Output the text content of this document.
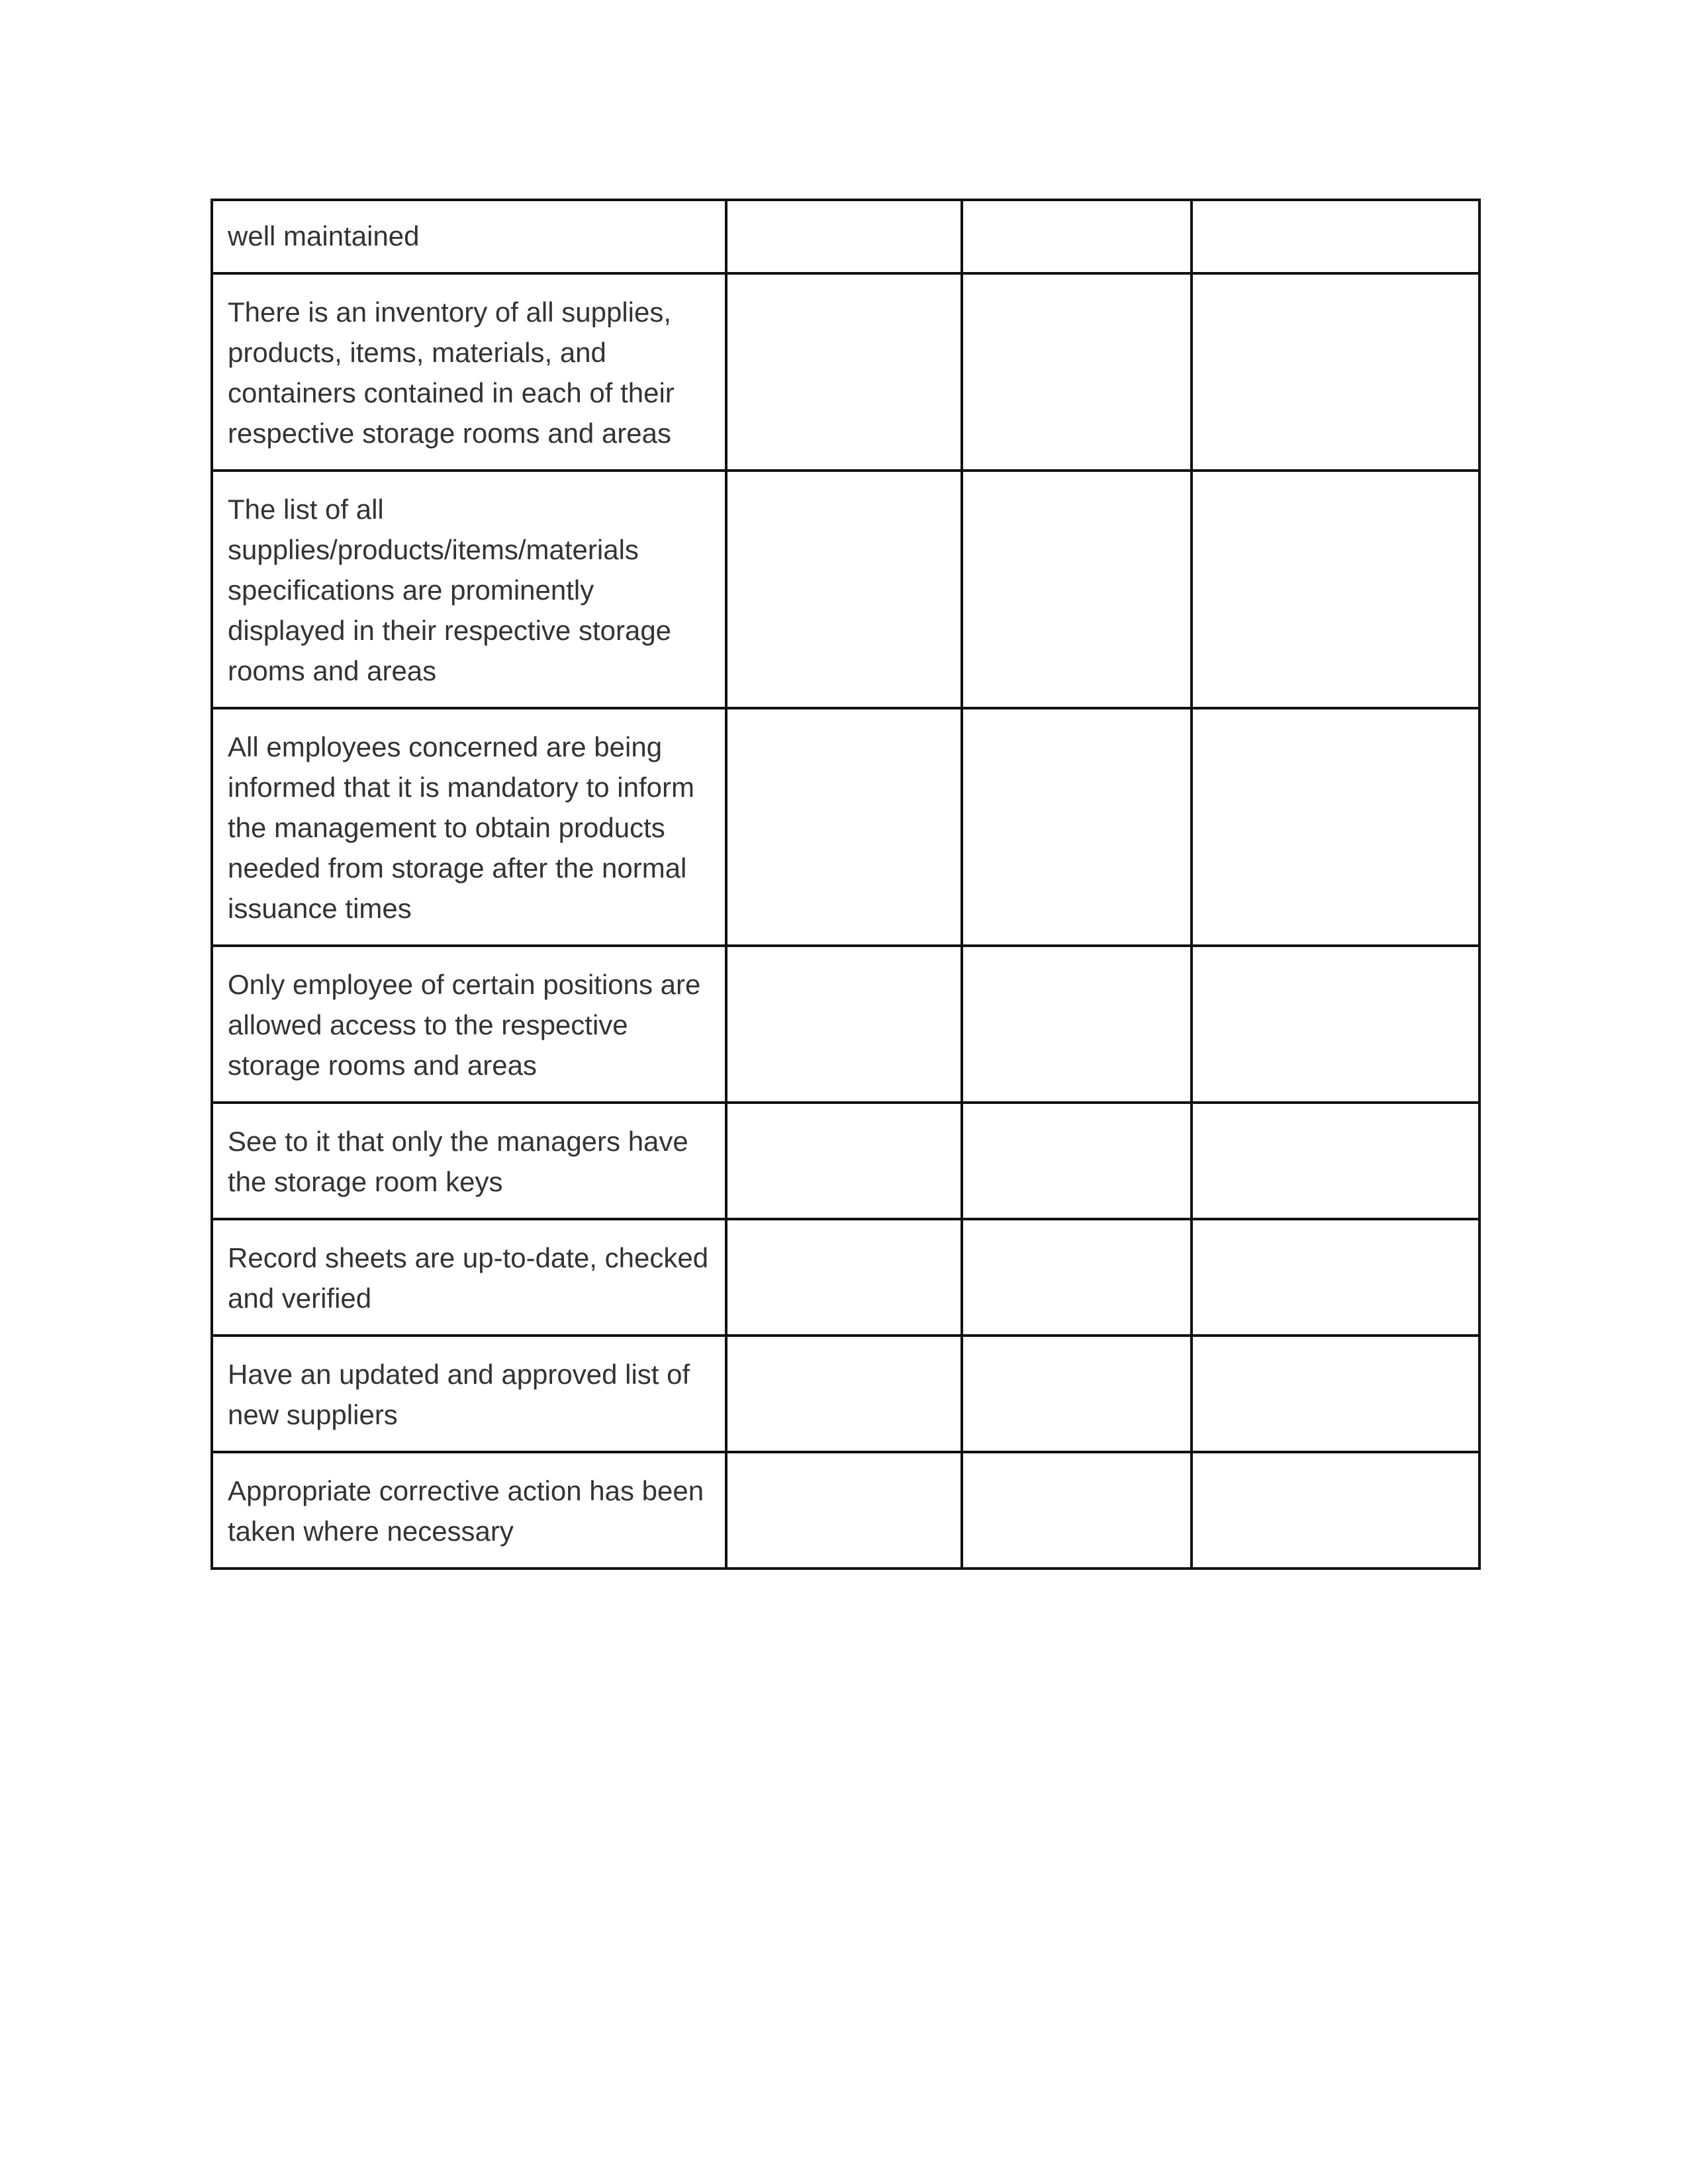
well maintained			
There is an inventory of all supplies, products, items, materials, and containers contained in each of their respective storage rooms and areas			
The list of all supplies/products/items/materials specifications are prominently displayed in their respective storage rooms and areas			
All employees concerned are being informed that it is mandatory to inform the management to obtain products needed from storage after the normal issuance times			
Only employee of certain positions are allowed access to the respective storage rooms and areas			
See to it that only the managers have the storage room keys			
Record sheets are up-to-date, checked and verified			
Have an updated and approved list of new suppliers			
Appropriate corrective action has been taken where necessary			
